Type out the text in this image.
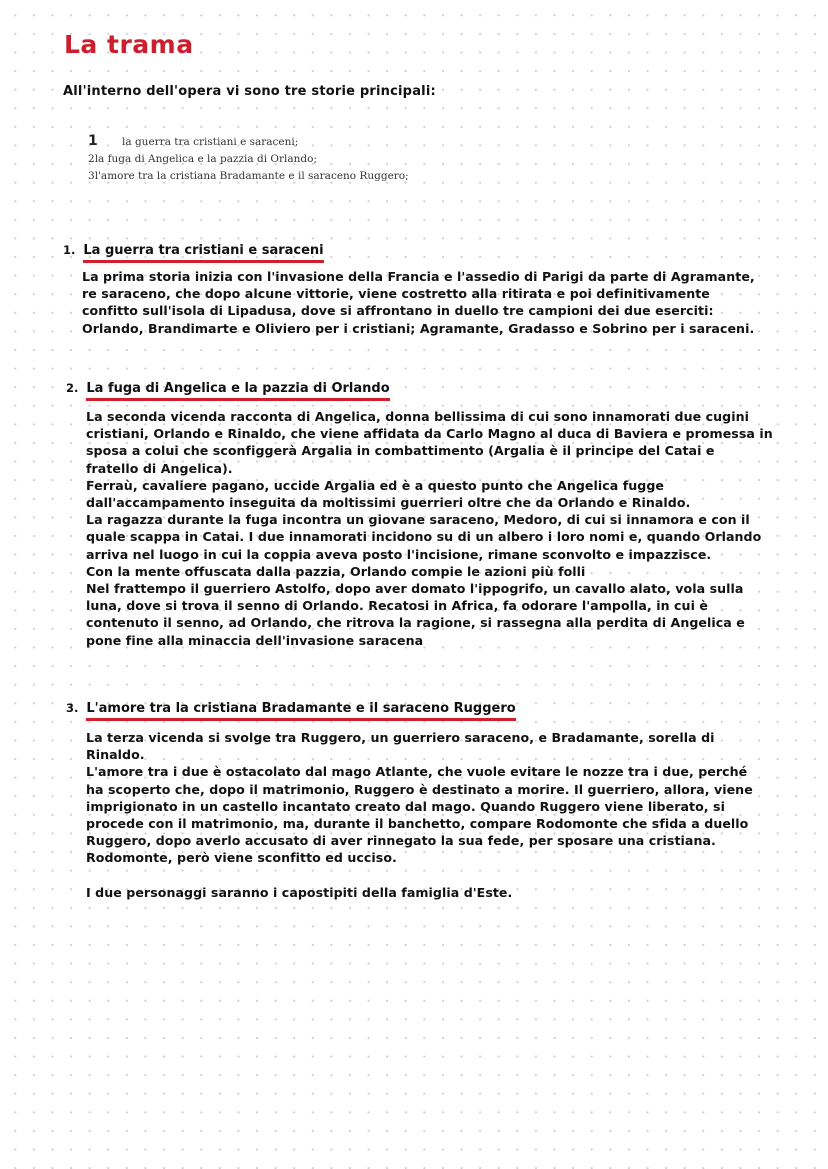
La trama
All'interno dell'opera vi sono tre storie principali:
1 la guerra tra cristiani e saraceni;
2la fuga di Angelica e la pazzia di Orlando;
3l'amore tra la cristiana Bradamante e il saraceno Ruggero;
1. La guerra tra cristiani e saraceni

La prima storia inizia con l'invasione della Francia e l'assedio di Parigi da parte di Agramante,

re saraceno, che dopo alcune vittorie, viene costretto alla ritirata e poi definitivamente

confitto sull'isola di Lipadusa, dove si affrontano in duello tre campioni dei due eserciti:

Orlando, Brandimarte e Oliviero per i cristiani; Agramante, Gradasso e Sobrino per i saraceni.

2. La fuga di Angelica e la pazzia di Orlando

La seconda vicenda racconta di Angelica, donna bellissima di cui sono innamorati due cugini

cristiani, Orlando e Rinaldo, che viene affidata da Carlo Magno al duca di Baviera e promessa in

sposa a colui che sconfiggerà Argalia in combattimento (Argalia è il principe del Catai e

fratello di Angelica).

Ferraù, cavaliere pagano, uccide Argalia ed è a questo punto che Angelica fugge

dall'accampamento inseguita da moltissimi guerrieri oltre che da Orlando e Rinaldo.

La ragazza durante la fuga incontra un giovane saraceno, Medoro, di cui si innamora e con il

quale scappa in Catai. I due innamorati incidono su di un albero i loro nomi e, quando Orlando

arriva nel luogo in cui la coppia aveva posto l'incisione, rimane sconvolto e impazzisce.

Con la mente offuscata dalla pazzia, Orlando compie le azioni più folli

Nel frattempo il guerriero Astolfo, dopo aver domato l'ippogrifo, un cavallo alato, vola sulla

luna, dove si trova il senno di Orlando. Recatosi in Africa, fa odorare l'ampolla, in cui è

contenuto il senno, ad Orlando, che ritrova la ragione, si rassegna alla perdita di Angelica e

pone fine alla minaccia dell'invasione saracena

3. L'amore tra la cristiana Bradamante e il saraceno Ruggero

La terza vicenda si svolge tra Ruggero, un guerriero saraceno, e Bradamante, sorella di

Rinaldo.

L'amore tra i due è ostacolato dal mago Atlante, che vuole evitare le nozze tra i due, perché

ha scoperto che, dopo il matrimonio, Ruggero è destinato a morire. Il guerriero, allora, viene

imprigionato in un castello incantato creato dal mago. Quando Ruggero viene liberato, si

procede con il matrimonio, ma, durante il banchetto, compare Rodomonte che sfida a duello

Ruggero, dopo averlo accusato di aver rinnegato la sua fede, per sposare una cristiana.

Rodomonte, però viene sconfitto ed ucciso.

I due personaggi saranno i capostipiti della famiglia d'Este.
